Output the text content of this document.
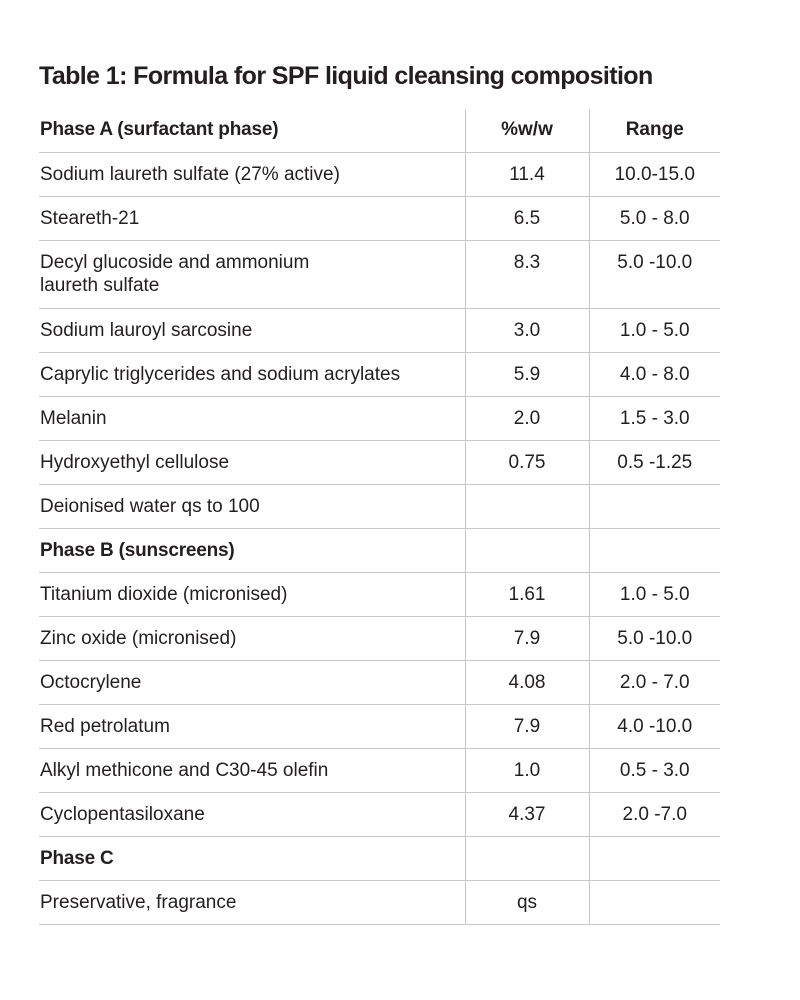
Table 1: Formula for SPF liquid cleansing composition
Phase A (surfactant phase)	%w/w	Range
Sodium laureth sulfate (27% active)	11.4	10.0-15.0
Steareth-21	6.5	5.0 - 8.0
Decyl glucoside and ammonium laureth sulfate	8.3	5.0 -10.0
Sodium lauroyl sarcosine	3.0	1.0 - 5.0
Caprylic triglycerides and sodium acrylates	5.9	4.0 - 8.0
Melanin	2.0	1.5 - 3.0
Hydroxyethyl cellulose	0.75	0.5 -1.25
Deionised water qs to 100		
Phase B (sunscreens)		
Titanium dioxide (micronised)	1.61	1.0 - 5.0
Zinc oxide (micronised)	7.9	5.0 -10.0
Octocrylene	4.08	2.0 - 7.0
Red petrolatum	7.9	4.0 -10.0
Alkyl methicone and C30-45 olefin	1.0	0.5 - 3.0
Cyclopentasiloxane	4.37	2.0 -7.0
Phase C		
Preservative, fragrance	qs	
